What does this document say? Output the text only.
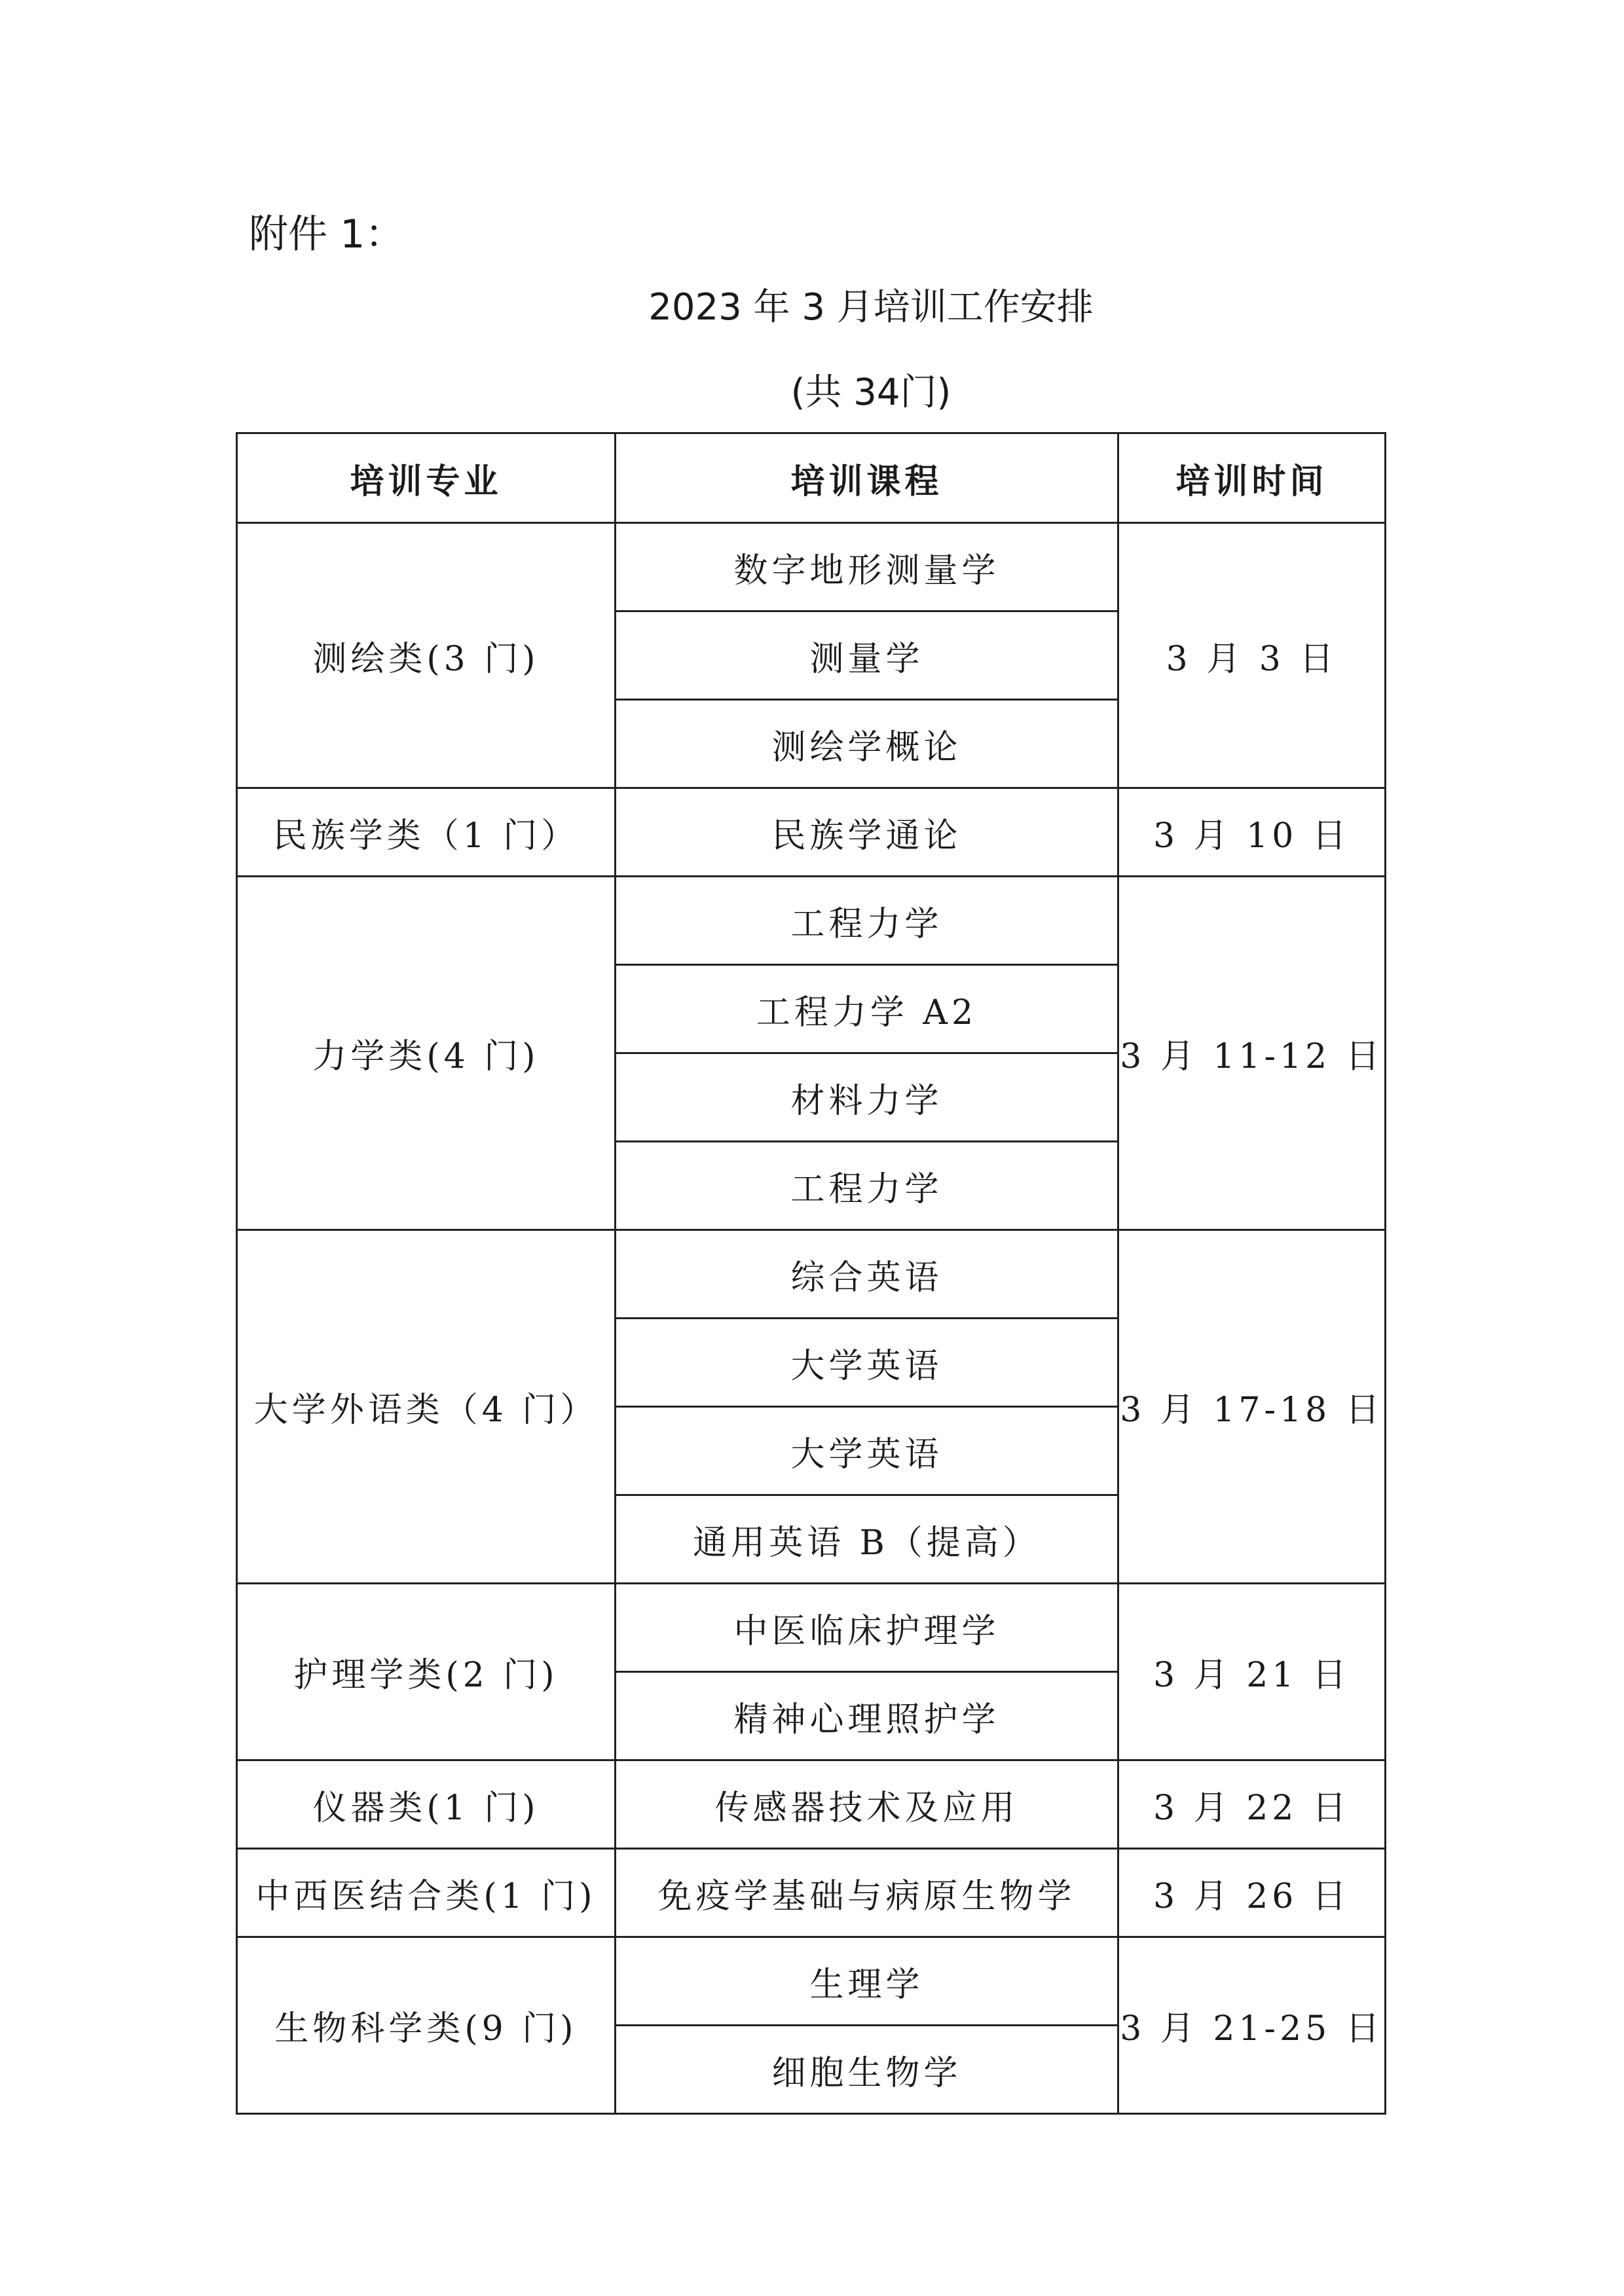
附件 1：
2023 年 3 月培训工作安排
(共 34门)
培训专业	培训课程	培训时间
测绘类(3 门)	数字地形测量学	3 月 3 日
	测量学	
	测绘学概论	
民族学类（1 门）	民族学通论	3 月 10 日
力学类(4 门)	工程力学	3 月 11-12 日
	工程力学 A2	
	材料力学	
	工程力学	
大学外语类（4 门）	综合英语	3 月 17-18 日
	大学英语	
	大学英语	
	通用英语 B（提高）	
护理学类(2 门)	中医临床护理学	3 月 21 日
	精神心理照护学	
仪器类(1 门)	传感器技术及应用	3 月 22 日
中西医结合类(1 门)	免疫学基础与病原生物学	3 月 26 日
生物科学类(9 门)	生理学	3 月 21-25 日
	细胞生物学	
